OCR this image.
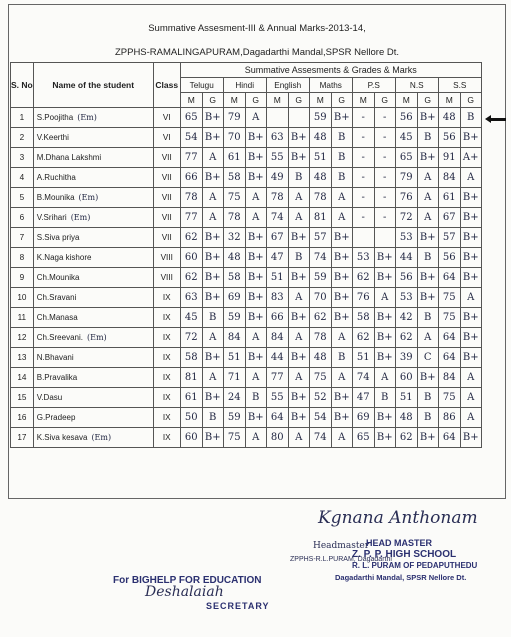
Summative Assesment-III & Annual Marks-2013-14,
ZPPHS-RAMALINGAPURAM,Dagadarthi Mandal,SPSR Nellore Dt.
S. No	Name of the student	Class	Summative Assesments & Grades & Marks													
			Telugu		Hindi		English		Maths		P.S		N.S		S.S	
			M	G	M	G	M	G	M	G	M	G	M	G	M	G
1	S.Poojitha (Em)	VI	65	B+	79	A			59	B+	-	-	56	B+	48	B
2	V.Keerthi	VI	54	B+	70	B+	63	B+	48	B	-	-	45	B	56	B+
3	M.Dhana Lakshmi	VII	77	A	61	B+	55	B+	51	B	-	-	65	B+	91	A+
4	A.Ruchitha	VII	66	B+	58	B+	49	B	48	B	-	-	79	A	84	A
5	B.Mounika (Em)	VII	78	A	75	A	78	A	78	A	-	-	76	A	61	B+
6	V.Srihari (Em)	VII	77	A	78	A	74	A	81	A	-	-	72	A	67	B+
7	S.Siva priya	VII	62	B+	32	B+	67	B+	57	B+			53	B+	57	B+
8	K.Naga kishore	VIII	60	B+	48	B+	47	B	74	B+	53	B+	44	B	56	B+
9	Ch.Mounika	VIII	62	B+	58	B+	51	B+	59	B+	62	B+	56	B+	64	B+
10	Ch.Sravani	IX	63	B+	69	B+	83	A	70	B+	76	A	53	B+	75	A
11	Ch.Manasa	IX	45	B	59	B+	66	B+	62	B+	58	B+	42	B	75	B+
12	Ch.Sreevani. (Em)	IX	72	A	84	A	84	A	78	A	62	B+	62	A	64	B+
13	N.Bhavani	IX	58	B+	51	B+	44	B+	48	B	51	B+	39	C	64	B+
14	B.Pravalika	IX	81	A	71	A	77	A	75	A	74	A	60	B+	84	A
15	V.Dasu	IX	61	B+	24	B	55	B+	52	B+	47	B	51	B	75	A
16	G.Pradeep	IX	50	B	59	B+	64	B+	54	B+	69	B+	48	B	86	A
17	K.Siva kesava (Em)	IX	60	B+	75	A	80	A	74	A	65	B+	62	B+	64	B+
Kgnana Anthonam
Headmaster
HEAD MASTER
Z. P. P. HIGH SCHOOL
R. L. PURAM OF PEDAPUTHEDU
Dagadarthi Mandal, SPSR Nellore Dt.
ZPPHS-R.L.PURAM, Dagadarthi
For BIGHELP FOR EDUCATION
Deshalaiah
SECRETARY
